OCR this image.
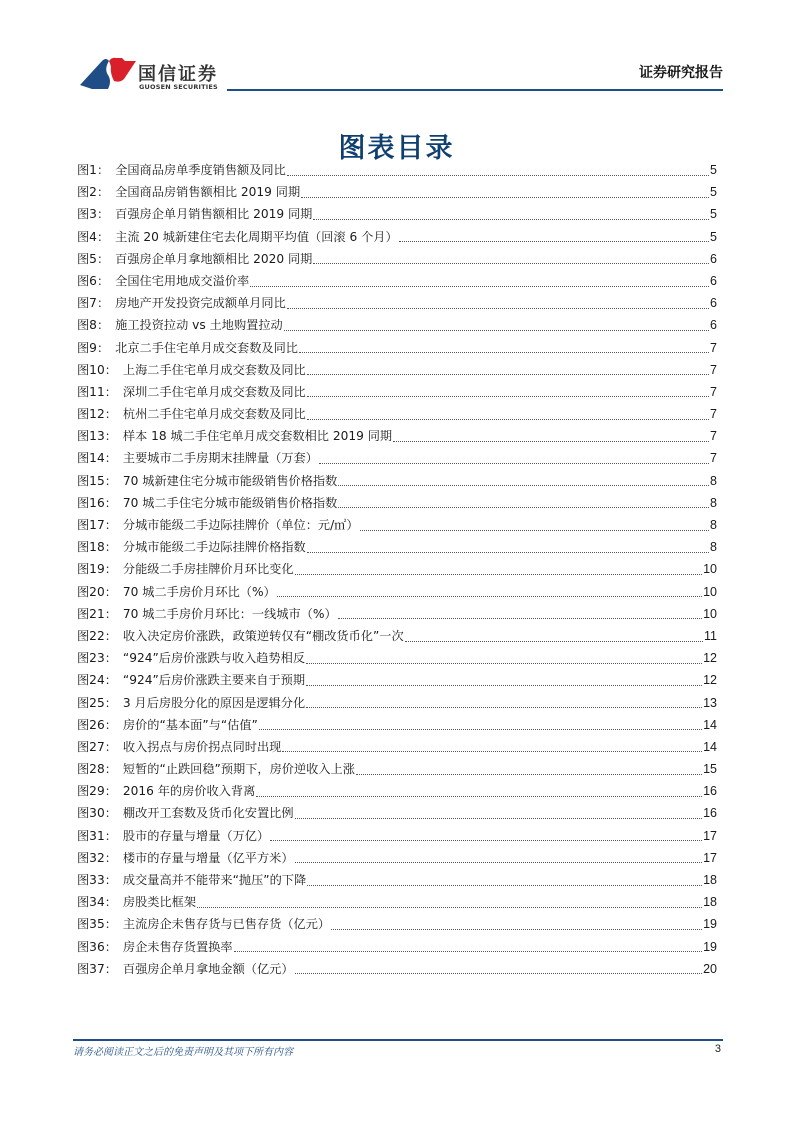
国信证券
GUOSEN SECURITIES
证券研究报告
图表目录
图1： 全国商品房单季度销售额及同比	5
图2： 全国商品房销售额相比 2019 同期	5
图3： 百强房企单月销售额相比 2019 同期	5
图4： 主流 20 城新建住宅去化周期平均值（回滚 6 个月）	5
图5： 百强房企单月拿地额相比 2020 同期	6
图6： 全国住宅用地成交溢价率	6
图7： 房地产开发投资完成额单月同比	6
图8： 施工投资拉动 vs 土地购置拉动	6
图9： 北京二手住宅单月成交套数及同比	7
图10： 上海二手住宅单月成交套数及同比	7
图11： 深圳二手住宅单月成交套数及同比	7
图12： 杭州二手住宅单月成交套数及同比	7
图13： 样本 18 城二手住宅单月成交套数相比 2019 同期	7
图14： 主要城市二手房期末挂牌量（万套）	7
图15： 70 城新建住宅分城市能级销售价格指数	8
图16： 70 城二手住宅分城市能级销售价格指数	8
图17： 分城市能级二手边际挂牌价（单位：元/㎡）	8
图18： 分城市能级二手边际挂牌价格指数	8
图19： 分能级二手房挂牌价月环比变化	10
图20： 70 城二手房价月环比（%）	10
图21： 70 城二手房价月环比：一线城市（%）	10
图22： 收入决定房价涨跌，政策逆转仅有“棚改货币化”一次	11
图23： “924”后房价涨跌与收入趋势相反	12
图24： “924”后房价涨跌主要来自于预期	12
图25： 3 月后房股分化的原因是逻辑分化	13
图26： 房价的“基本面”与“估值”	14
图27： 收入拐点与房价拐点同时出现	14
图28： 短暂的“止跌回稳”预期下，房价逆收入上涨	15
图29： 2016 年的房价收入背离	16
图30： 棚改开工套数及货币化安置比例	16
图31： 股市的存量与增量（万亿）	17
图32： 楼市的存量与增量（亿平方米）	17
图33： 成交量高并不能带来“抛压”的下降	18
图34： 房股类比框架	18
图35： 主流房企未售存货与已售存货（亿元）	19
图36： 房企未售存货置换率	19
图37： 百强房企单月拿地金额（亿元）	20
请务必阅读正文之后的免责声明及其项下所有内容	3
